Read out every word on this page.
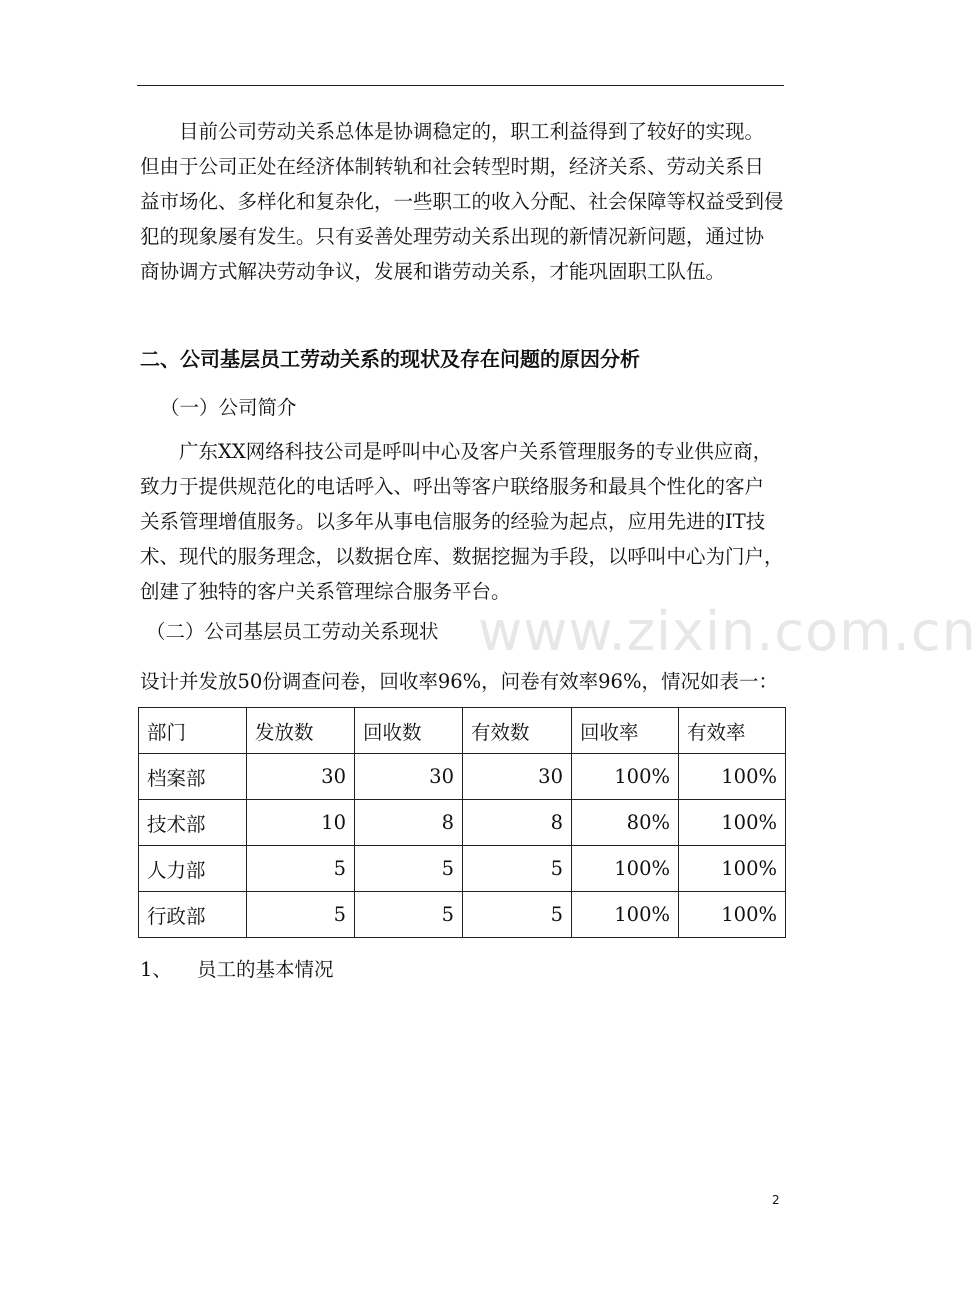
　　目前公司劳动关系总体是协调稳定的，职工利益得到了较好的实现。
但由于公司正处在经济体制转轨和社会转型时期，经济关系、劳动关系日
益市场化、多样化和复杂化，一些职工的收入分配、社会保障等权益受到侵
犯的现象屡有发生。只有妥善处理劳动关系出现的新情况新问题，通过协
商协调方式解决劳动争议，发展和谐劳动关系，才能巩固职工队伍。
二、公司基层员工劳动关系的现状及存在问题的原因分析

（一）公司简介

　　广东XX网络科技公司是呼叫中心及客户关系管理服务的专业供应商，
致力于提供规范化的电话呼入、呼出等客户联络服务和最具个性化的客户
关系管理增值服务。以多年从事电信服务的经验为起点，应用先进的IT技
术、现代的服务理念，以数据仓库、数据挖掘为手段，以呼叫中心为门户，
创建了独特的客户关系管理综合服务平台。

（二）公司基层员工劳动关系现状 www.zixin.com.cn

设计并发放50份调查问卷，回收率96%，问卷有效率96%，情况如表一：

部门	发放数	回收数	有效数	回收率	有效率
档案部	30	30	30	100%	100%
技术部	10	8	8	80%	100%
人力部	5	5	5	100%	100%
行政部	5	5	5	100%	100%

1、 员工的基本情况

2
